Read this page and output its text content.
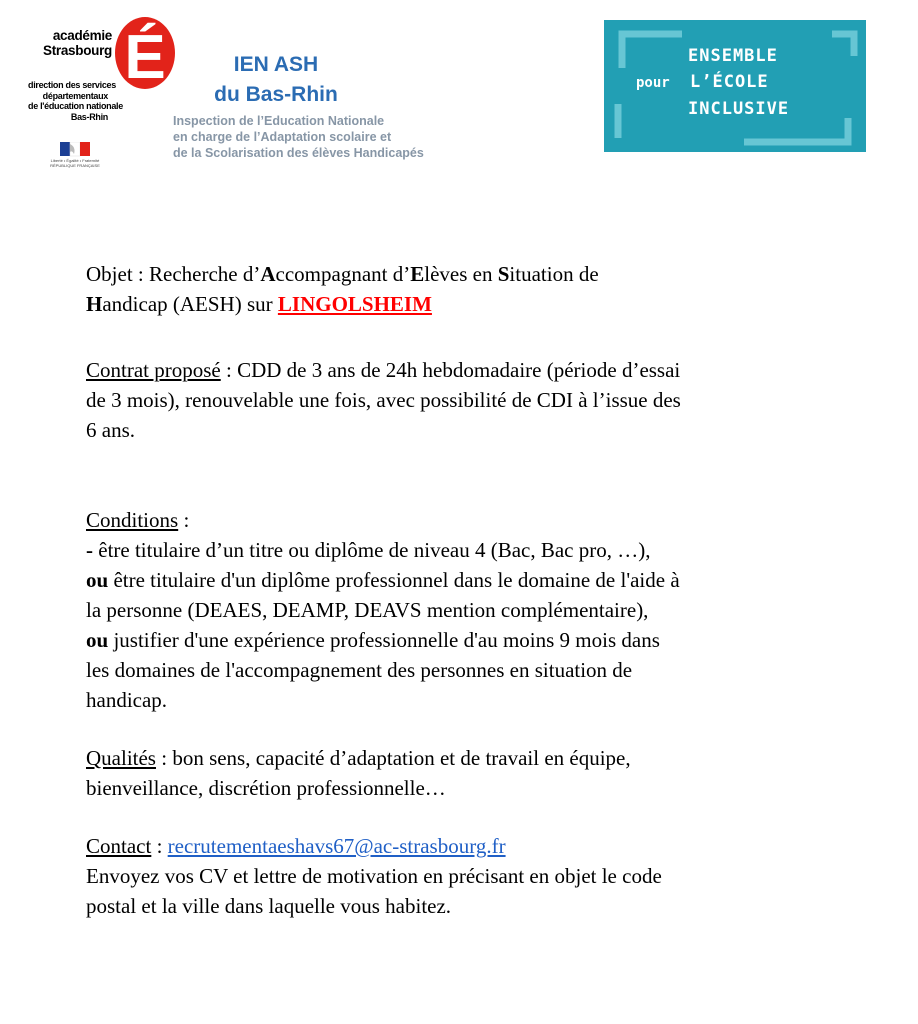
académie
Strasbourg É
direction des services
départementaux
de l'éducation nationale
Bas-Rhin
Liberté • Égalité • Fraternité
RÉPUBLIQUE FRANÇAISE
IEN ASH
du Bas-Rhin
Inspection de l’Education Nationale
en charge de l’Adaptation scolaire et
de la Scolarisation des élèves Handicapés
ENSEMBLE
pour L’ÉCOLE
INCLUSIVE
Objet : Recherche d’Accompagnant d’Elèves en Situation de
Handicap (AESH) sur LINGOLSHEIM
Contrat proposé : CDD de 3 ans de 24h hebdomadaire (période d’essai
de 3 mois), renouvelable une fois, avec possibilité de CDI à l’issue des
6 ans.
Conditions :
- être titulaire d’un titre ou diplôme de niveau 4 (Bac, Bac pro, …),
ou être titulaire d'un diplôme professionnel dans le domaine de l'aide à
la personne (DEAES, DEAMP, DEAVS mention complémentaire),
ou justifier d'une expérience professionnelle d'au moins 9 mois dans
les domaines de l'accompagnement des personnes en situation de
handicap.
Qualités : bon sens, capacité d’adaptation et de travail en équipe,
bienveillance, discrétion professionnelle…
Contact : recrutementaeshavs67@ac-strasbourg.fr
Envoyez vos CV et lettre de motivation en précisant en objet le code
postal et la ville dans laquelle vous habitez.
